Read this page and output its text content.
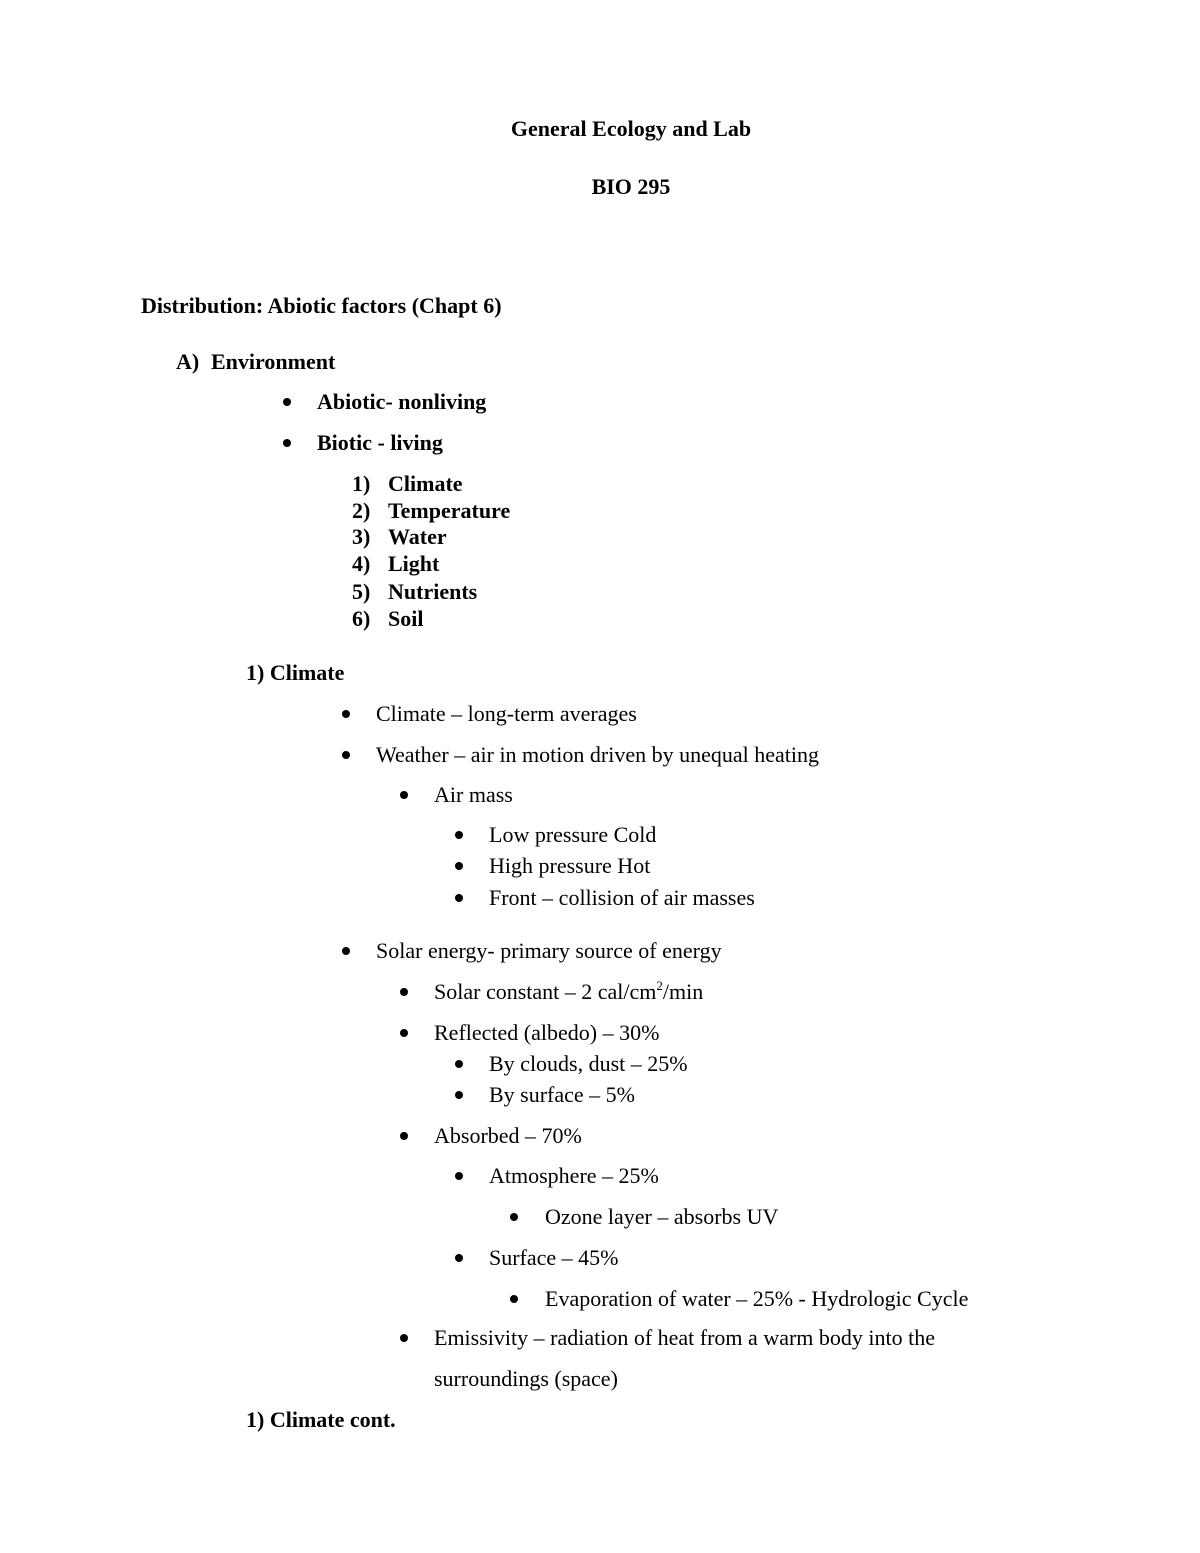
General Ecology and Lab
BIO 295
Distribution: Abiotic factors (Chapt 6)
A) Environment
Abiotic- nonliving
Biotic - living
1) Climate
2) Temperature
3) Water
4) Light
5) Nutrients
6) Soil
1) Climate
Climate – long-term averages
Weather – air in motion driven by unequal heating
Air mass
Low pressure Cold
High pressure Hot
Front – collision of air masses
Solar energy- primary source of energy
Solar constant – 2 cal/$cm^2/\min$
Reflected (albedo) – 30%
By clouds, dust – 25%
By surface – 5%
Absorbed – 70%
Atmosphere – 25%
Ozone layer – absorbs UV
Surface – 45%
Evaporation of water – 25% - Hydrologic Cycle
Emissivity – radiation of heat from a warm body into the
surroundings (space)
1) Climate cont.
